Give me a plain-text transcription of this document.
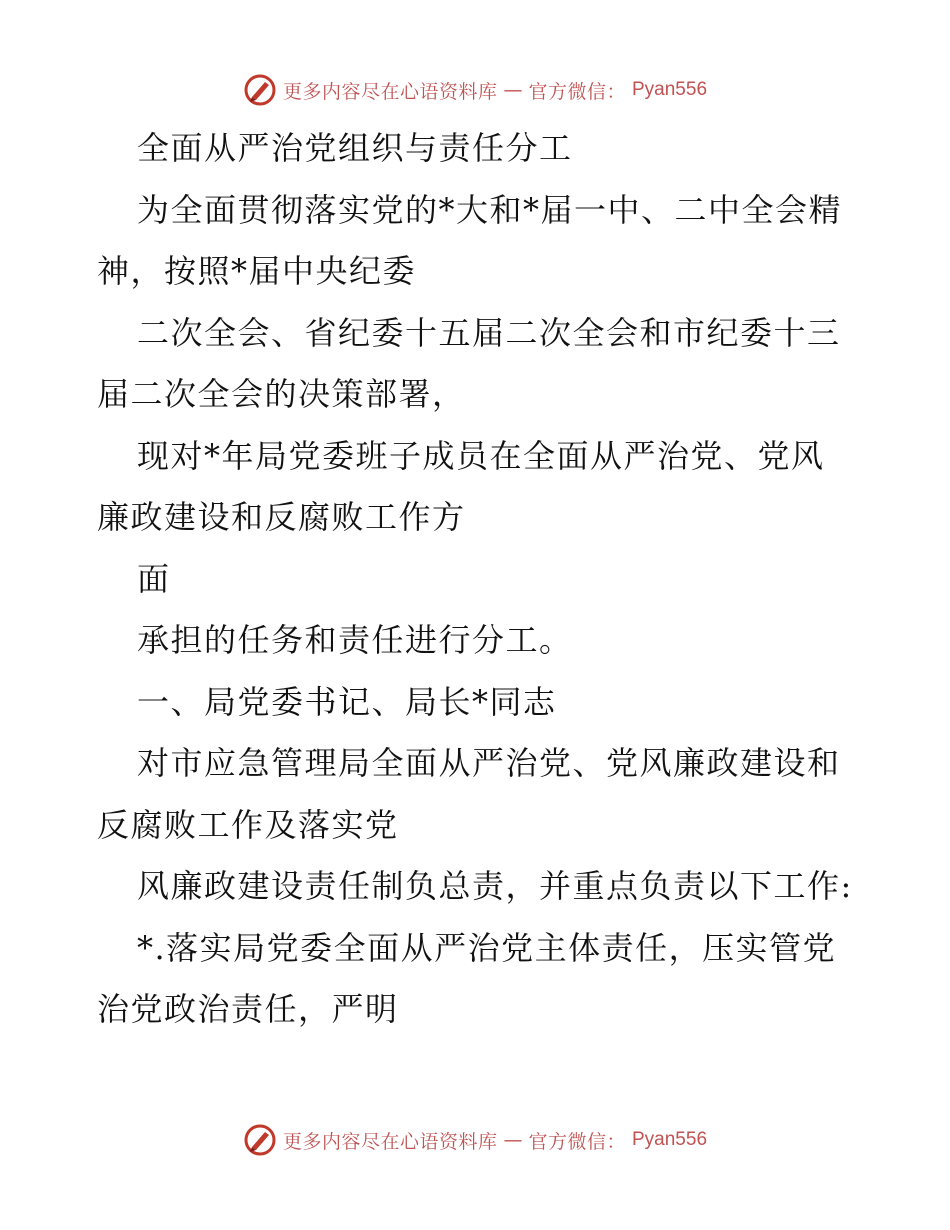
更多内容尽在心语资料库 — 官方微信： Pyan556

全面从严治党组织与责任分工

为全面贯彻落实党的*大和*届一中、二中全会精神，按照*届中央纪委

二次全会、省纪委十五届二次全会和市纪委十三届二次全会的决策部署，

现对*年局党委班子成员在全面从严治党、党风廉政建设和反腐败工作方

面

承担的任务和责任进行分工。

一、局党委书记、局长*同志

对市应急管理局全面从严治党、党风廉政建设和反腐败工作及落实党

风廉政建设责任制负总责，并重点负责以下工作:

*.落实局党委全面从严治党主体责任，压实管党治党政治责任，严明

更多内容尽在心语资料库 — 官方微信： Pyan556
